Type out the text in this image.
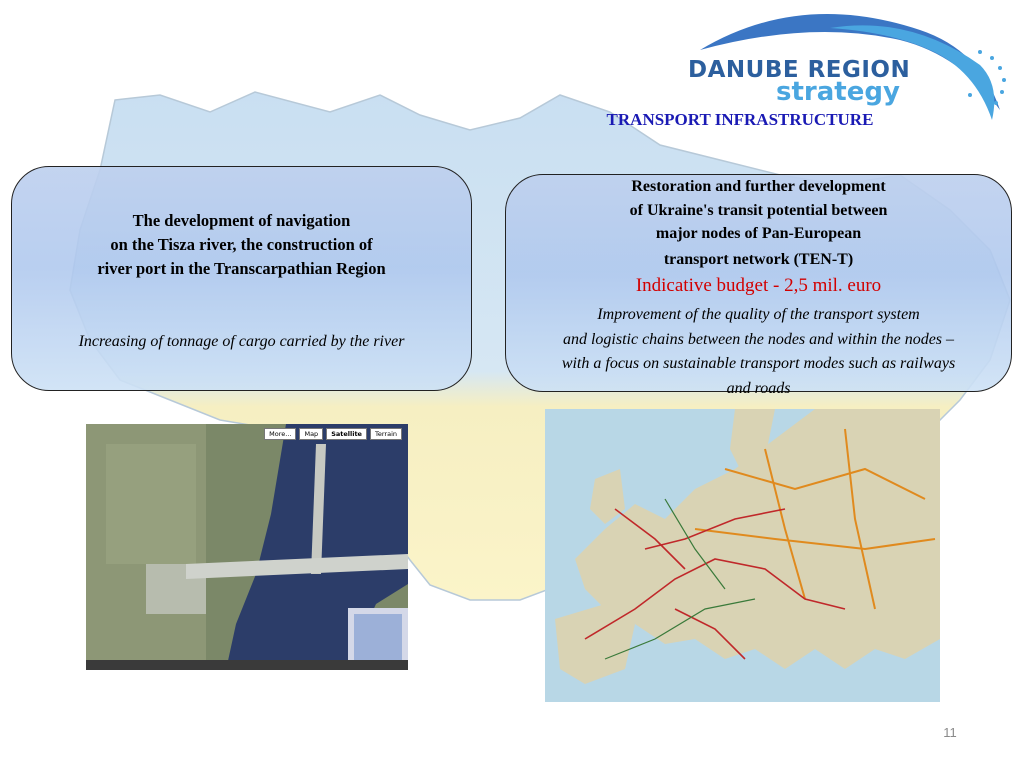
DANUBE REGION
strategy
TRANSPORT INFRASTRUCTURE
The development of navigation
on the Tisza river, the construction of
river port in the Transcarpathian Region
Increasing of tonnage of cargo carried by the river
Restoration and further development
of Ukraine's transit potential between
major nodes of Pan-European
transport network (TEN-T)
Indicative budget - 2,5 mil. euro
Improvement of the quality of the transport system
and logistic chains between the nodes and within the nodes –
with a focus on sustainable transport modes such as railways
and roads
More...	Map	Satellite	Terrain
11
